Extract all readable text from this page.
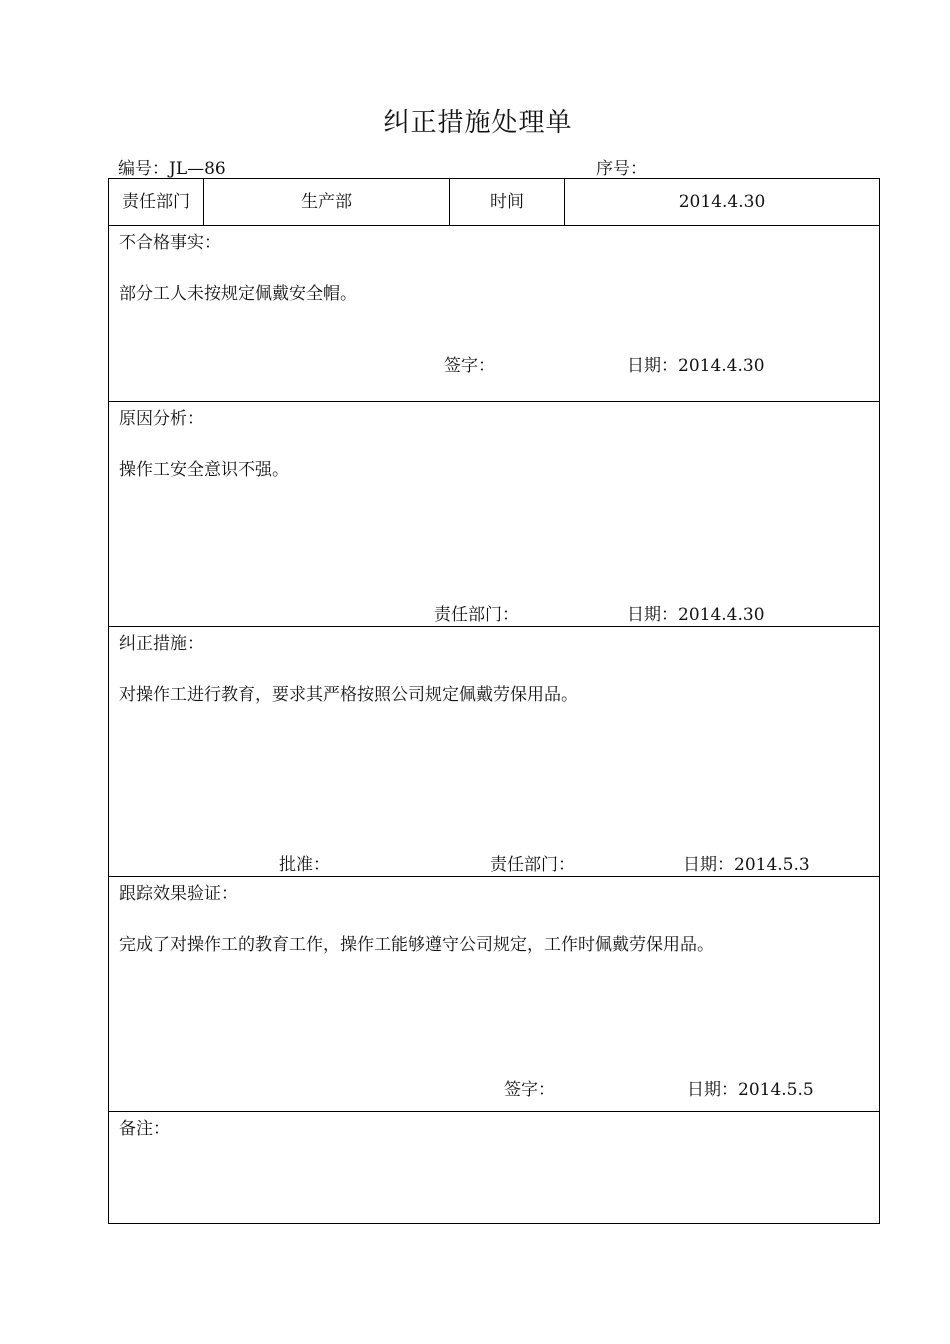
纠正措施处理单
编号：JL—86	序号：
责任部门	生产部	时间	2014.4.30
不合格事实：
部分工人未按规定佩戴安全帽。
签字：	日期：2014.4.30
原因分析：
操作工安全意识不强。
责任部门：	日期：2014.4.30
纠正措施：
对操作工进行教育，要求其严格按照公司规定佩戴劳保用品。
批准：	责任部门：	日期：2014.5.3
跟踪效果验证：
完成了对操作工的教育工作，操作工能够遵守公司规定，工作时佩戴劳保用品。
签字：	日期：2014.5.5
备注：
